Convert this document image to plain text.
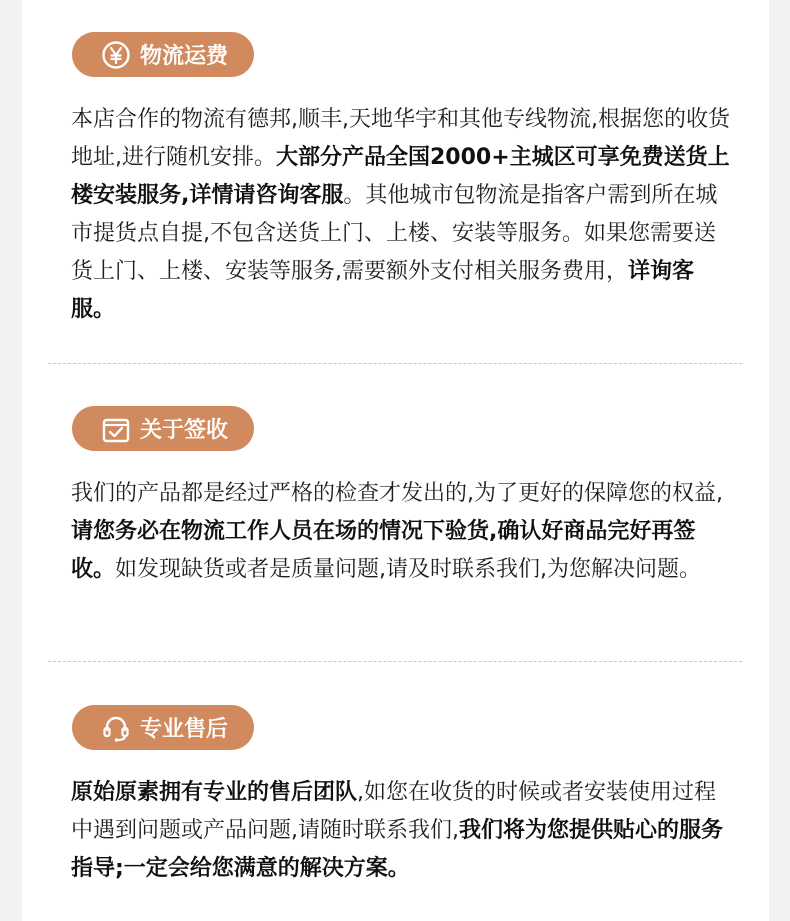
物流运费

本店合作的物流有德邦,顺丰,天地华宇和其他专线物流,根据您的收货地址,进行随机安排。大部分产品全国2000+主城区可享免费送货上楼安装服务,详情请咨询客服。其他城市包物流是指客户需到所在城市提货点自提,不包含送货上门、上楼、安装等服务。如果您需要送货上门、上楼、安装等服务,需要额外支付相关服务费用，详询客服。

关于签收

我们的产品都是经过严格的检查才发出的,为了更好的保障您的权益,请您务必在物流工作人员在场的情况下验货,确认好商品完好再签收。如发现缺货或者是质量问题,请及时联系我们,为您解决问题。

专业售后

原始原素拥有专业的售后团队,如您在收货的时候或者安装使用过程中遇到问题或产品问题,请随时联系我们,我们将为您提供贴心的服务指导;一定会给您满意的解决方案。
